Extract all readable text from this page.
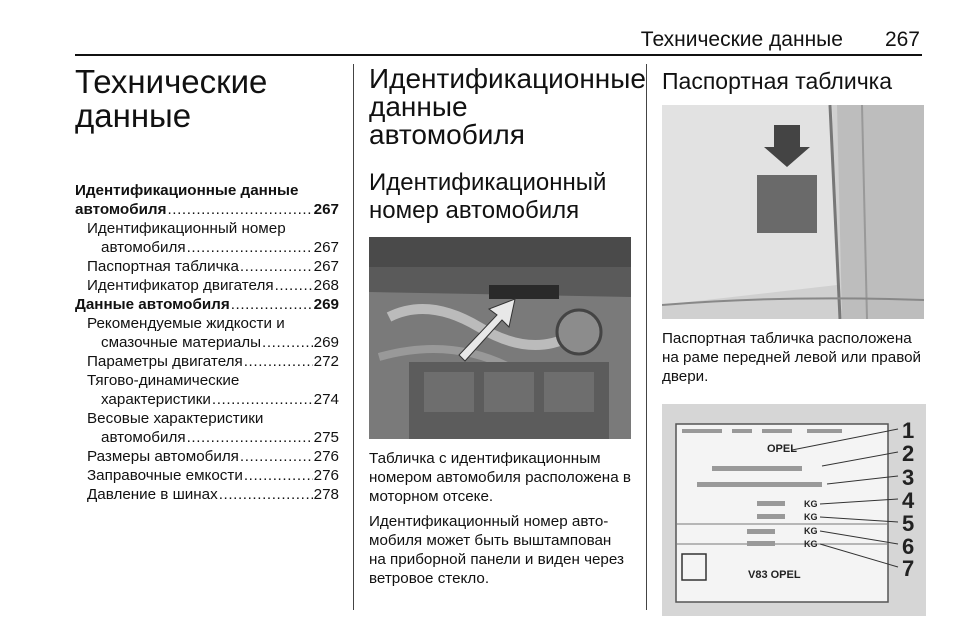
Технические данные 267
Технические данные
Идентификационные данные
автомобиля .....	267
Идентификационный номер
автомобиля .....	267
Паспортная табличка .....	267
Идентификатор двигателя .....	268
Данные автомобиля .....	269
Рекомендуемые жидкости и
смазочные материалы .....	269
Параметры двигателя .....	272
Тягово-динамические
характеристики .....	274
Весовые характеристики
автомобиля .....	275
Размеры автомобиля .....	276
Заправочные емкости .....	276
Давление в шинах .....	278
Идентификационные данные автомобиля
Идентификационный номер автомобиля
Табличка с идентификационным номером автомобиля расположена в моторном отсеке.
Идентификационный номер авто-мобиля может быть выштампован на приборной панели и виден через ветровое стекло.
Паспортная табличка
Паспортная табличка расположена на раме передней левой или правой двери.
OPEL
KG
KG
KG
KG
V83 OPEL
1
2
3
4
5
6
7
